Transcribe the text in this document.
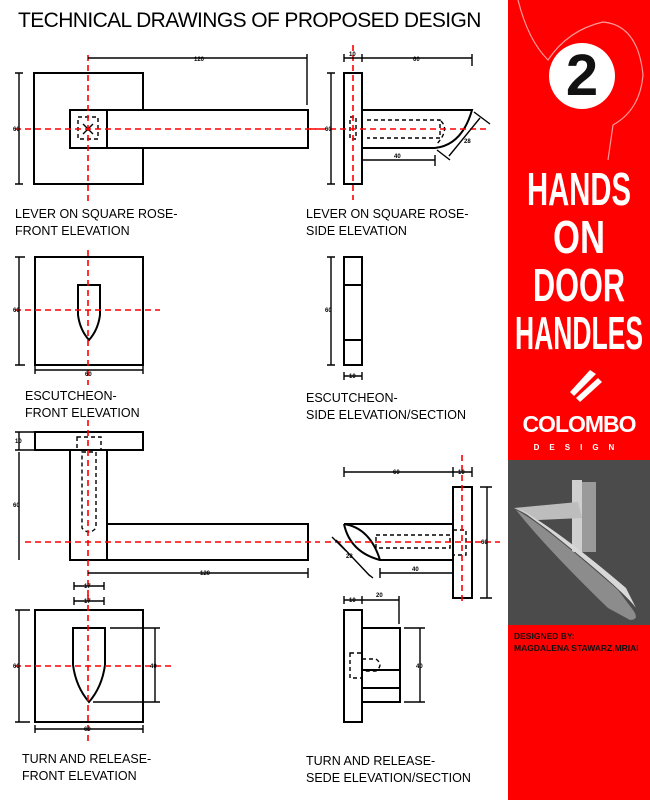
TECHNICAL DRAWINGS OF PROPOSED DESIGN
120
60
10
60
60
40
28
60
60
60
10
10
60
120
17
60	10
60
28
40
17
60	40
60
10
20
40
LEVER ON SQUARE ROSE-
FRONT ELEVATION
LEVER ON SQUARE ROSE-
SIDE ELEVATION
ESCUTCHEON-
FRONT ELEVATION
ESCUTCHEON-
SIDE ELEVATION/SECTION
TURN AND RELEASE-
FRONT ELEVATION
TURN AND RELEASE-
SEDE ELEVATION/SECTION
2
HANDS
ON
DOOR
HANDLES
COLOMBO
DESIGN
DESIGNED BY:
MAGDALENA STAWARZ,MRIAI
